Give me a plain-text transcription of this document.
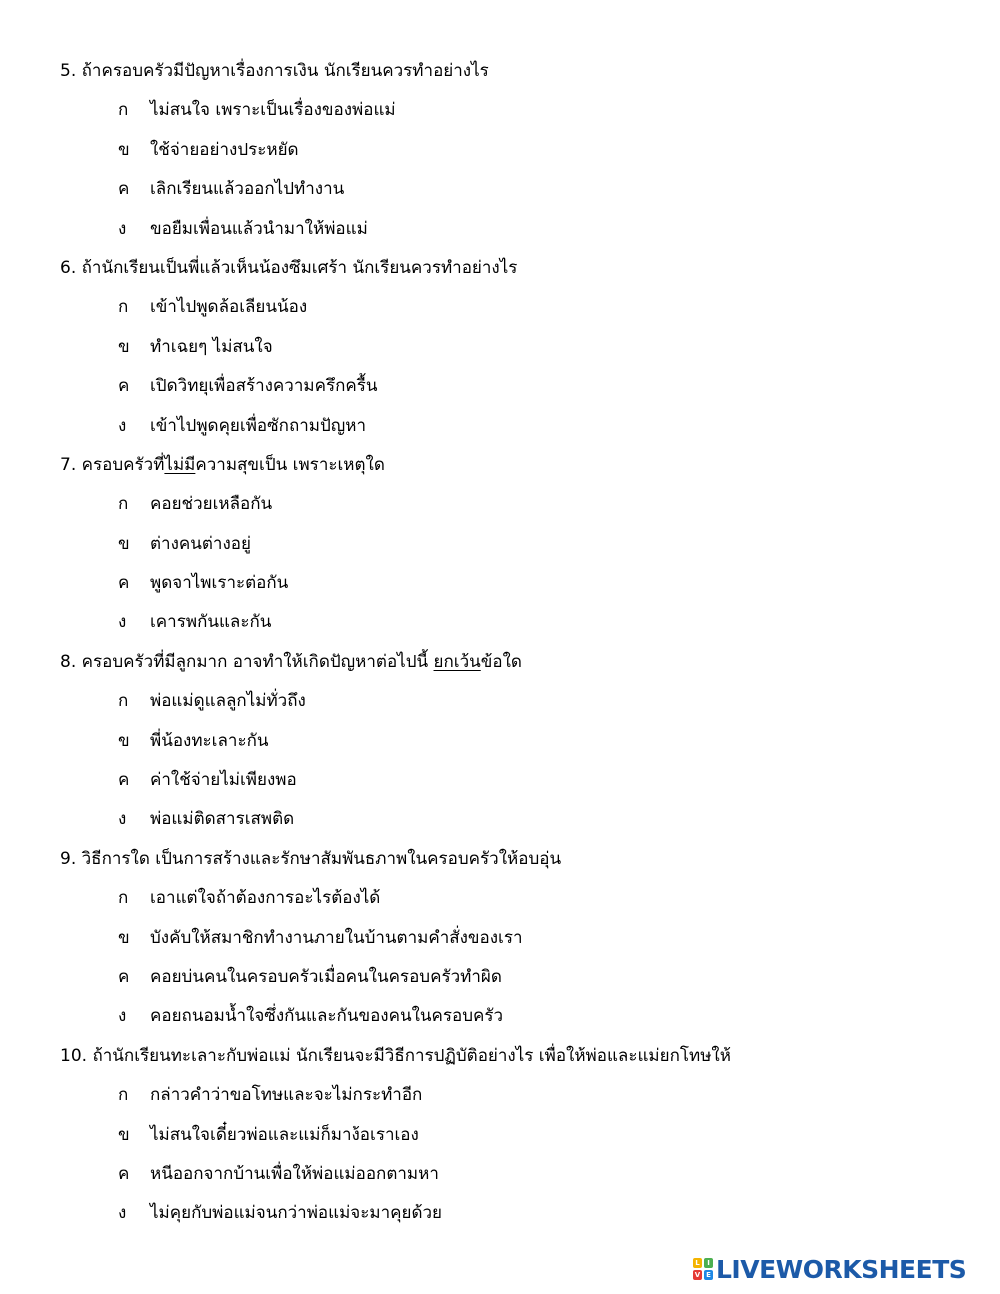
5. ถ้าครอบครัวมีปัญหาเรื่องการเงิน นักเรียนควรทำอย่างไร
ก	ไม่สนใจ เพราะเป็นเรื่องของพ่อแม่
ข	ใช้จ่ายอย่างประหยัด
ค	เลิกเรียนแล้วออกไปทำงาน
ง	ขอยืมเพื่อนแล้วนำมาให้พ่อแม่
6. ถ้านักเรียนเป็นพี่แล้วเห็นน้องซึมเศร้า นักเรียนควรทำอย่างไร
ก	เข้าไปพูดล้อเลียนน้อง
ข	ทำเฉยๆ ไม่สนใจ
ค	เปิดวิทยุเพื่อสร้างความครึกครื้น
ง	เข้าไปพูดคุยเพื่อซักถามปัญหา
7. ครอบครัวที่ไม่มีความสุขเป็น เพราะเหตุใด
ก	คอยช่วยเหลือกัน
ข	ต่างคนต่างอยู่
ค	พูดจาไพเราะต่อกัน
ง	เคารพกันและกัน
8. ครอบครัวที่มีลูกมาก อาจทำให้เกิดปัญหาต่อไปนี้ ยกเว้นข้อใด
ก	พ่อแม่ดูแลลูกไม่ทั่วถึง
ข	พี่น้องทะเลาะกัน
ค	ค่าใช้จ่ายไม่เพียงพอ
ง	พ่อแม่ติดสารเสพติด
9. วิธีการใด เป็นการสร้างและรักษาสัมพันธภาพในครอบครัวให้อบอุ่น
ก	เอาแต่ใจถ้าต้องการอะไรต้องได้
ข	บังคับให้สมาชิกทำงานภายในบ้านตามคำสั่งของเรา
ค	คอยบ่นคนในครอบครัวเมื่อคนในครอบครัวทำผิด
ง	คอยถนอมน้ำใจซึ่งกันและกันของคนในครอบครัว
10. ถ้านักเรียนทะเลาะกับพ่อแม่ นักเรียนจะมีวิธีการปฏิบัติอย่างไร เพื่อให้พ่อและแม่ยกโทษให้
ก	กล่าวคำว่าขอโทษและจะไม่กระทำอีก
ข	ไม่สนใจเดี๋ยวพ่อและแม่ก็มาง้อเราเอง
ค	หนีออกจากบ้านเพื่อให้พ่อแม่ออกตามหา
ง	ไม่คุยกับพ่อแม่จนกว่าพ่อแม่จะมาคุยด้วย
L	I
V E LIVEWORKSHEETS
